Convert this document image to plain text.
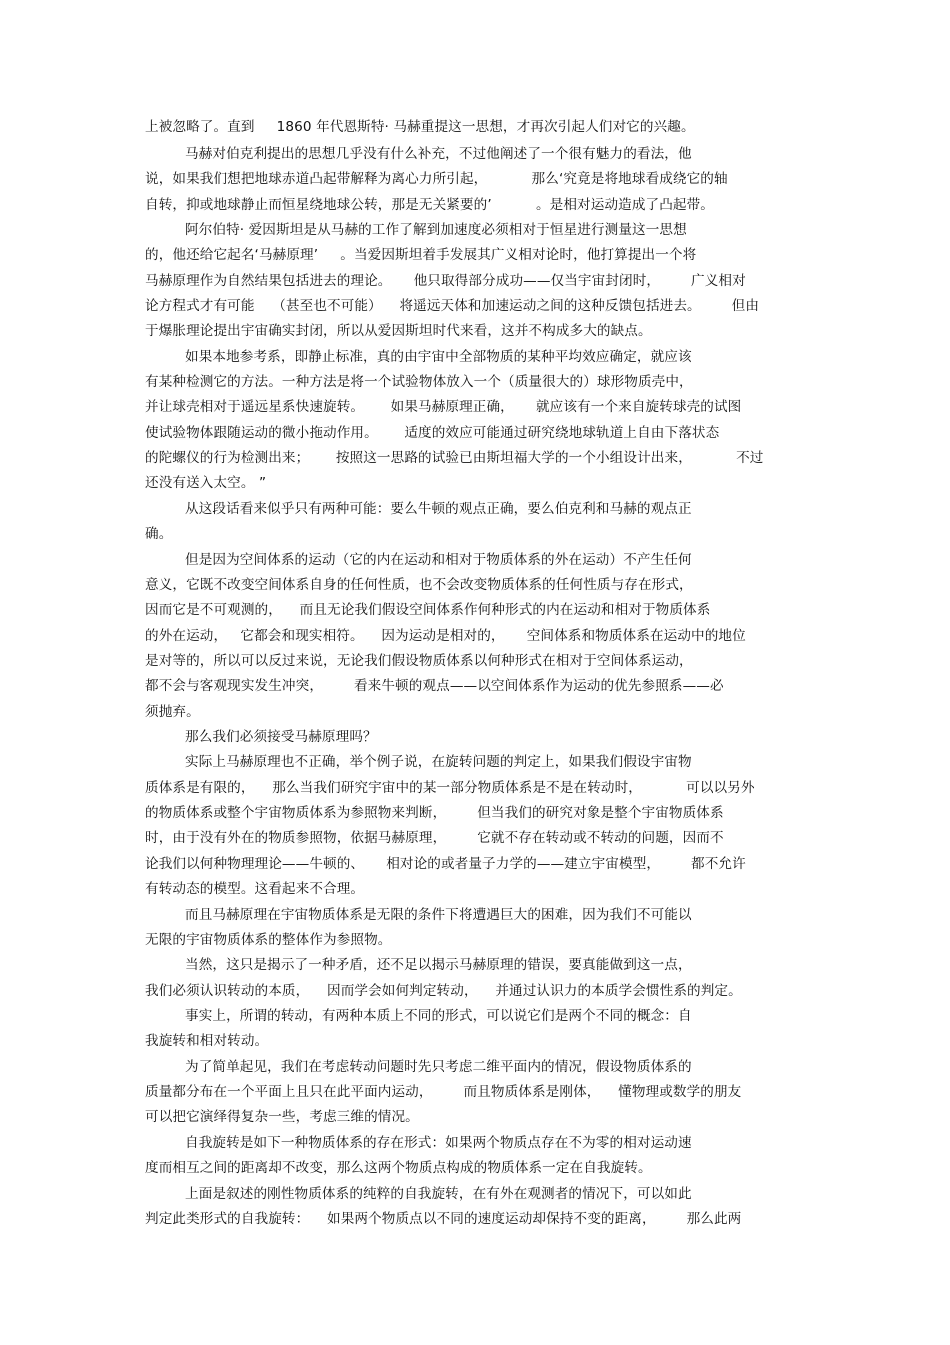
上被忽略了。直到     1860 年代恩斯特· 马赫重提这一思想，才再次引起人们对它的兴趣。
马赫对伯克利提出的思想几乎没有什么补充，不过他阐述了一个很有魅力的看法，他
说，如果我们想把地球赤道凸起带解释为离心力所引起，          那么‘究竟是将地球看成绕它的轴
自转，抑或地球静止而恒星绕地球公转，那是无关紧要的’          。是相对运动造成了凸起带。
阿尔伯特· 爱因斯坦是从马赫的工作了解到加速度必须相对于恒星进行测量这一思想
的，他还给它起名‘马赫原理’     。当爱因斯坦着手发展其广义相对论时，他打算提出一个将
马赫原理作为自然结果包括进去的理论。     他只取得部分成功——仅当宇宙封闭时，       广义相对
论方程式才有可能    （甚至也不可能）    将遥远天体和加速运动之间的这种反馈包括进去。       但由
于爆胀理论提出宇宙确实封闭，所以从爱因斯坦时代来看，这并不构成多大的缺点。
如果本地参考系，即静止标准，真的由宇宙中全部物质的某种平均效应确定，就应该
有某种检测它的方法。一种方法是将一个试验物体放入一个（质量很大的）球形物质壳中，
并让球壳相对于遥远星系快速旋转。      如果马赫原理正确，     就应该有一个来自旋转球壳的试图
使试验物体跟随运动的微小拖动作用。      适度的效应可能通过研究绕地球轨道上自由下落状态
的陀螺仪的行为检测出来；      按照这一思路的试验已由斯坦福大学的一个小组设计出来，          不过
还没有送入太空。 ”
从这段话看来似乎只有两种可能：要么牛顿的观点正确，要么伯克利和马赫的观点正
确。
但是因为空间体系的运动（它的内在运动和相对于物质体系的外在运动）不产生任何
意义，它既不改变空间体系自身的任何性质，也不会改变物质体系的任何性质与存在形式，
因而它是不可观测的，    而且无论我们假设空间体系作何种形式的内在运动和相对于物质体系
的外在运动，   它都会和现实相符。    因为运动是相对的，     空间体系和物质体系在运动中的地位
是对等的，所以可以反过来说，无论我们假设物质体系以何种形式在相对于空间体系运动，
都不会与客观现实发生冲突，       看来牛顿的观点——以空间体系作为运动的优先参照系——必
须抛弃。
那么我们必须接受马赫原理吗？
实际上马赫原理也不正确，举个例子说，在旋转问题的判定上，如果我们假设宇宙物
质体系是有限的，    那么当我们研究宇宙中的某一部分物质体系是不是在转动时，          可以以另外
的物质体系或整个宇宙物质体系为参照物来判断，       但当我们的研究对象是整个宇宙物质体系
时，由于没有外在的物质参照物，依据马赫原理，       它就不存在转动或不转动的问题，因而不
论我们以何种物理理论——牛顿的、     相对论的或者量子力学的——建立宇宙模型，       都不允许
有转动态的模型。这看起来不合理。
而且马赫原理在宇宙物质体系是无限的条件下将遭遇巨大的困难，因为我们不可能以
无限的宇宙物质体系的整体作为参照物。
当然，这只是揭示了一种矛盾，还不足以揭示马赫原理的错误，要真能做到这一点，
我们必须认识转动的本质，    因而学会如何判定转动，    并通过认识力的本质学会惯性系的判定。
事实上，所谓的转动，有两种本质上不同的形式，可以说它们是两个不同的概念：自
我旋转和相对转动。
为了简单起见，我们在考虑转动问题时先只考虑二维平面内的情况，假设物质体系的
质量都分布在一个平面上且只在此平面内运动，       而且物质体系是刚体，    懂物理或数学的朋友
可以把它演绎得复杂一些，考虑三维的情况。
自我旋转是如下一种物质体系的存在形式：如果两个物质点存在不为零的相对运动速
度而相互之间的距离却不改变，那么这两个物质点构成的物质体系一定在自我旋转。
上面是叙述的刚性物质体系的纯粹的自我旋转，在有外在观测者的情况下，可以如此
判定此类形式的自我旋转：    如果两个物质点以不同的速度运动却保持不变的距离，       那么此两
